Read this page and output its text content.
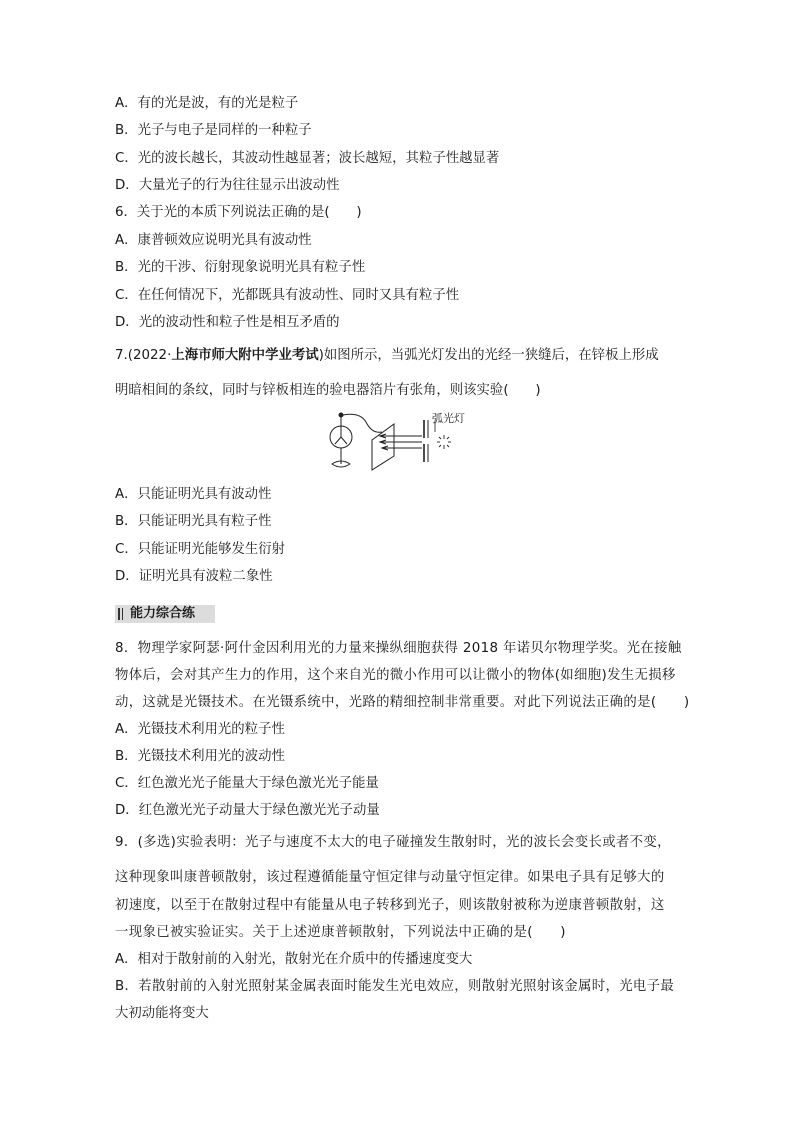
A．有的光是波，有的光是粒子
B．光子与电子是同样的一种粒子
C．光的波长越长，其波动性越显著；波长越短，其粒子性越显著
D．大量光子的行为往往显示出波动性
6．关于光的本质下列说法正确的是(　　)
A．康普顿效应说明光具有波动性
B．光的干涉、衍射现象说明光具有粒子性
C．在任何情况下，光都既具有波动性、同时又具有粒子性
D．光的波动性和粒子性是相互矛盾的
7.(2022·上海市师大附中学业考试)如图所示，当弧光灯发出的光经一狭缝后，在锌板上形成
明暗相间的条纹，同时与锌板相连的验电器箔片有张角，则该实验(　　)
弧光灯
A．只能证明光具有波动性
B．只能证明光具有粒子性
C．只能证明光能够发生衍射
D．证明光具有波粒二象性
能力综合练
8．物理学家阿瑟·阿什金因利用光的力量来操纵细胞获得 2018 年诺贝尔物理学奖。光在接触
物体后，会对其产生力的作用，这个来自光的微小作用可以让微小的物体(如细胞)发生无损移
动，这就是光镊技术。在光镊系统中，光路的精细控制非常重要。对此下列说法正确的是(　　)
A．光镊技术利用光的粒子性
B．光镊技术利用光的波动性
C．红色激光光子能量大于绿色激光光子能量
D．红色激光光子动量大于绿色激光光子动量
9．(多选)实验表明：光子与速度不太大的电子碰撞发生散射时，光的波长会变长或者不变，
这种现象叫康普顿散射，该过程遵循能量守恒定律与动量守恒定律。如果电子具有足够大的
初速度，以至于在散射过程中有能量从电子转移到光子，则该散射被称为逆康普顿散射，这
一现象已被实验证实。关于上述逆康普顿散射，下列说法中正确的是(　　)
A．相对于散射前的入射光，散射光在介质中的传播速度变大
B．若散射前的入射光照射某金属表面时能发生光电效应，则散射光照射该金属时，光电子最
大初动能将变大
